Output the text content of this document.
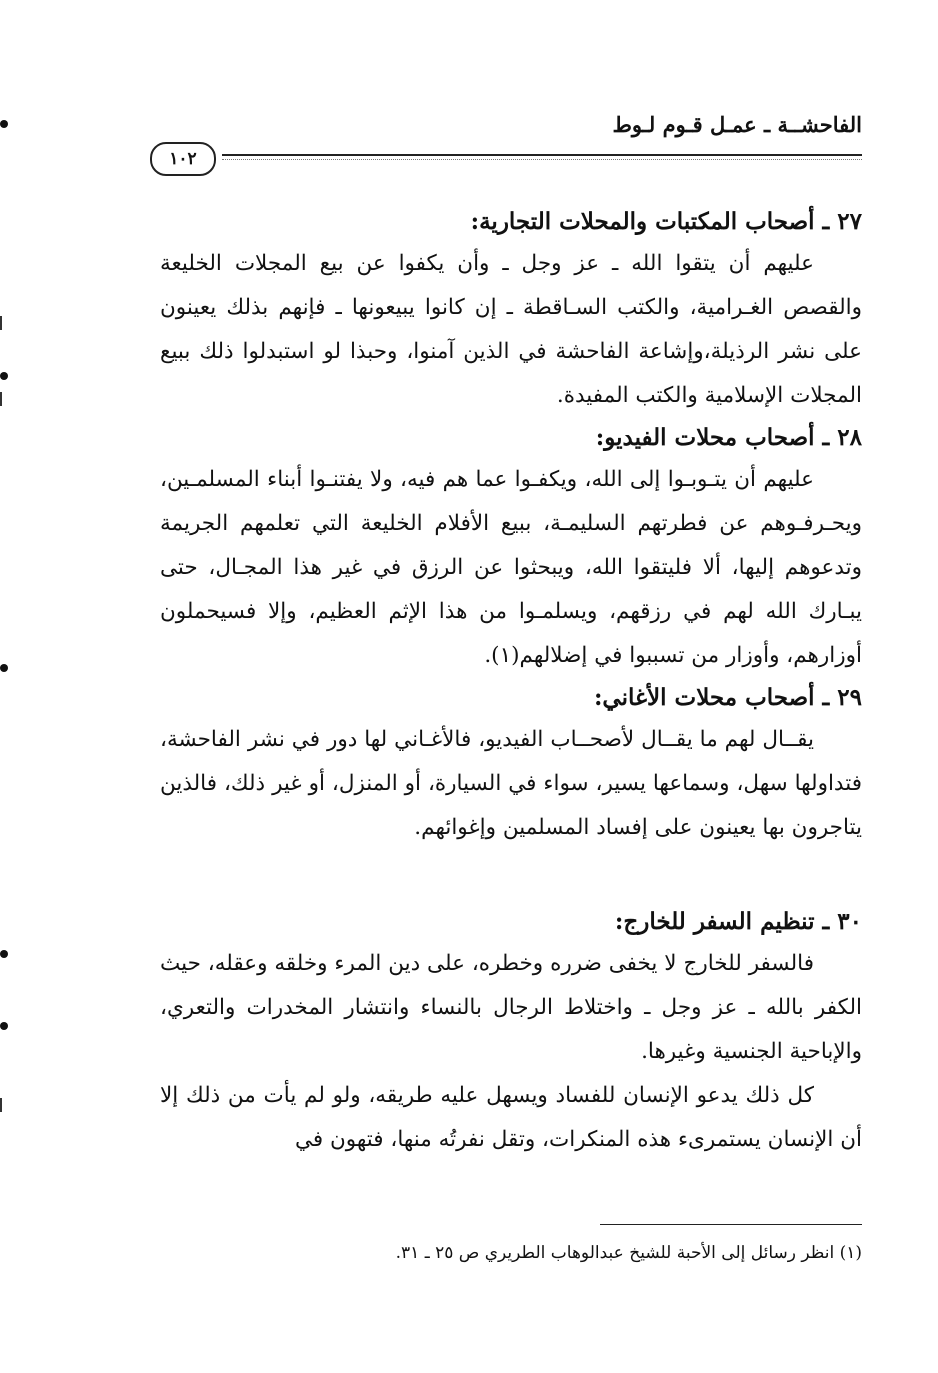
الفاحشــة ـ عمـل قـوم لـوط
١٠٢
٢٧ ـ أصحاب المكتبات والمحلات التجارية:

عليهم أن يتقوا الله ـ عز وجل ـ وأن يكفوا عن بيع المجلات الخليعة والقصص الغـرامية، والكتب السـاقطة ـ إن كانوا يبيعونها ـ فإنهم بذلك يعينون على نشر الرذيلة،وإشاعة الفاحشة في الذين آمنوا، وحبذا لو استبدلوا ذلك ببيع المجلات الإسلامية والكتب المفيدة.

٢٨ ـ أصحاب محلات الفيديو:

عليهم أن يتـوبـوا إلى الله، ويكفـوا عما هم فيه، ولا يفتنـوا أبناء المسلمـين، ويحـرفـوهم عن فطرتهم السليمـة، ببيع الأفلام الخليعة التي تعلمهم الجريمة وتدعوهم إليها، ألا فليتقوا الله، ويبحثوا عن الرزق في غير هذا المجـال، حتى يبـارك الله لهم في رزقهم، ويسلمـوا من هذا الإثم العظيم، وإلا فسيحملون أوزارهم، وأوزار من تسببوا في إضلالهم(١).

٢٩ ـ أصحاب محلات الأغاني:

يقــال لهم ما يقــال لأصحــاب الفيديو، فالأغـاني لها دور في نشر الفاحشة، فتداولها سهل، وسماعها يسير، سواء في السيارة، أو المنزل، أو غير ذلك، فالذين يتاجرون بها يعينون على إفساد المسلمين وإغوائهم.

٣٠ ـ تنظيم السفر للخارج:

فالسفر للخارج لا يخفى ضرره وخطره، على دين المرء وخلقه وعقله، حيث الكفر بالله ـ عز وجل ـ واختلاط الرجال بالنساء وانتشار المخدرات والتعري، والإباحية الجنسية وغيرها.

كل ذلك يدعو الإنسان للفساد ويسهل عليه طريقه، ولو لم يأت من ذلك إلا أن الإنسان يستمرىء هذه المنكرات، وتقل نفرتُه منها، فتهون في

(١) انظر رسائل إلى الأحبة للشيخ عبدالوهاب الطريري ص ٢٥ ـ ٣١.
